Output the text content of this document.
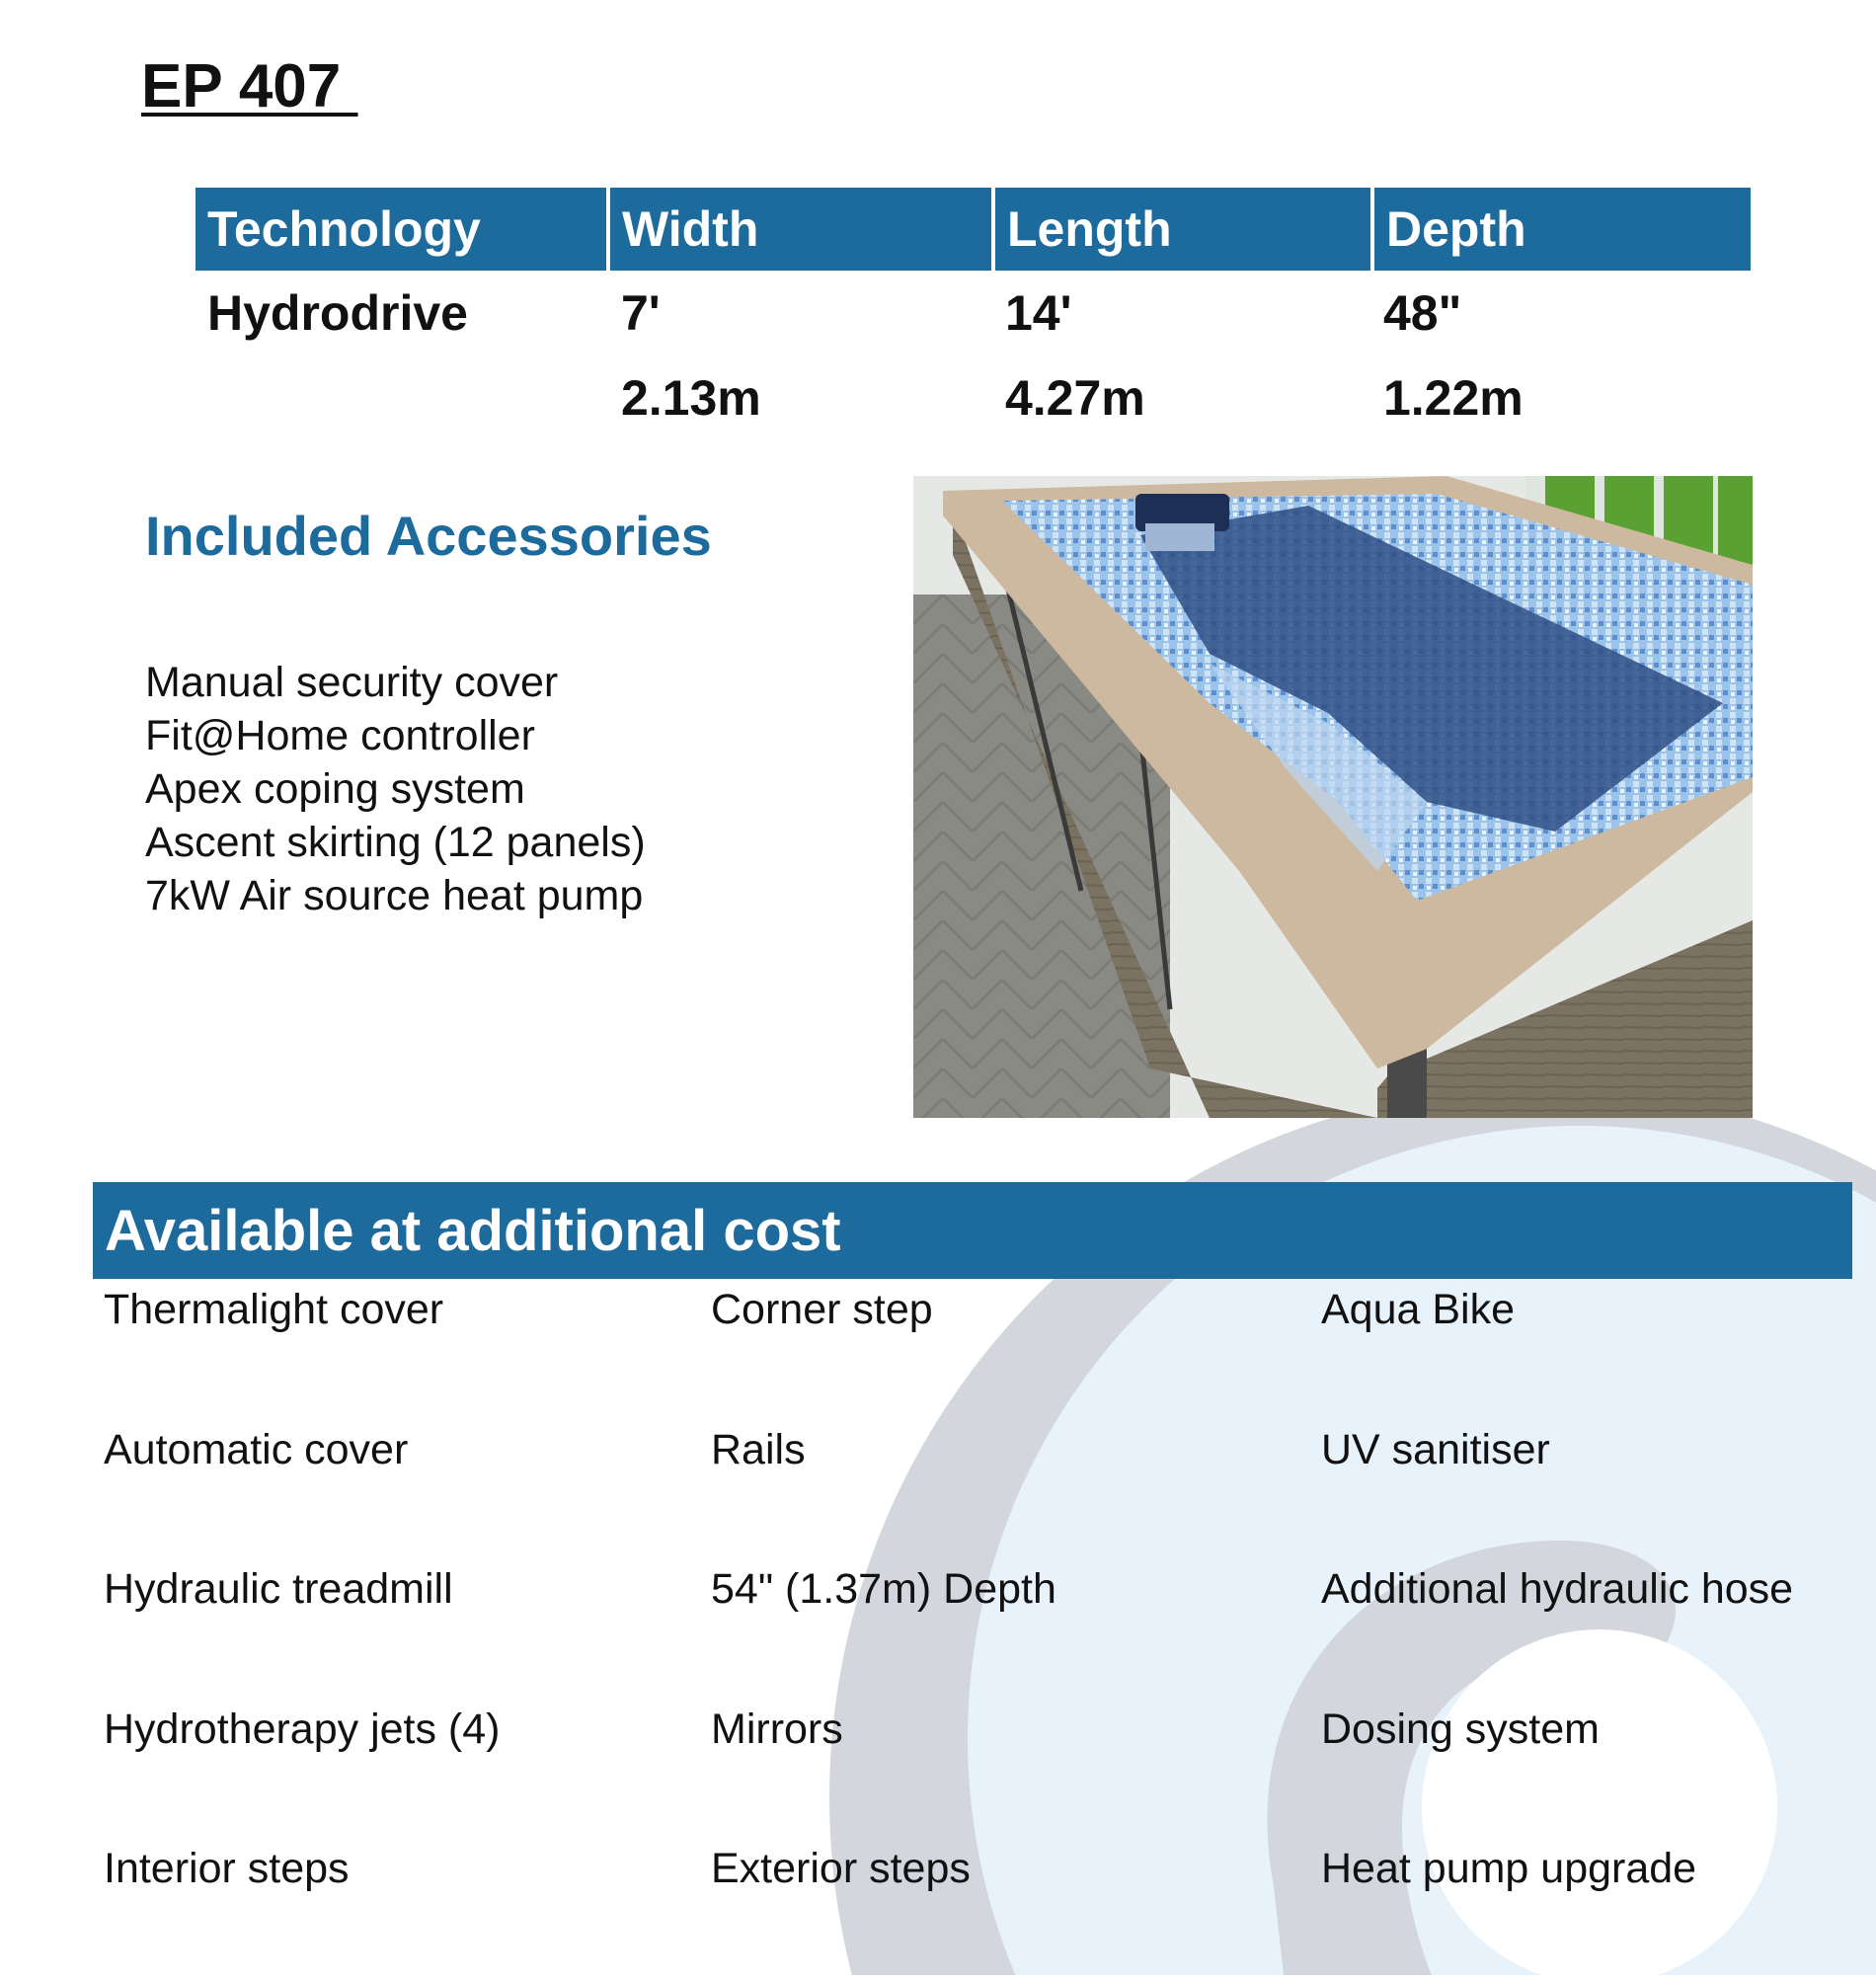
EP 407
Technology	Width	Length	Depth
Hydrodrive	7'	14'	48"
2.13m	4.27m	1.22m
Included Accessories
Manual security cover
Fit@Home controller
Apex coping system
Ascent skirting (12 panels)
7kW Air source heat pump
Available at additional cost
Thermalight cover	Corner step	Aqua Bike
Automatic cover	Rails	UV sanitiser
Hydraulic treadmill	54" (1.37m) Depth	Additional hydraulic hose
Hydrotherapy jets (4)	Mirrors	Dosing system
Interior steps	Exterior steps	Heat pump upgrade
